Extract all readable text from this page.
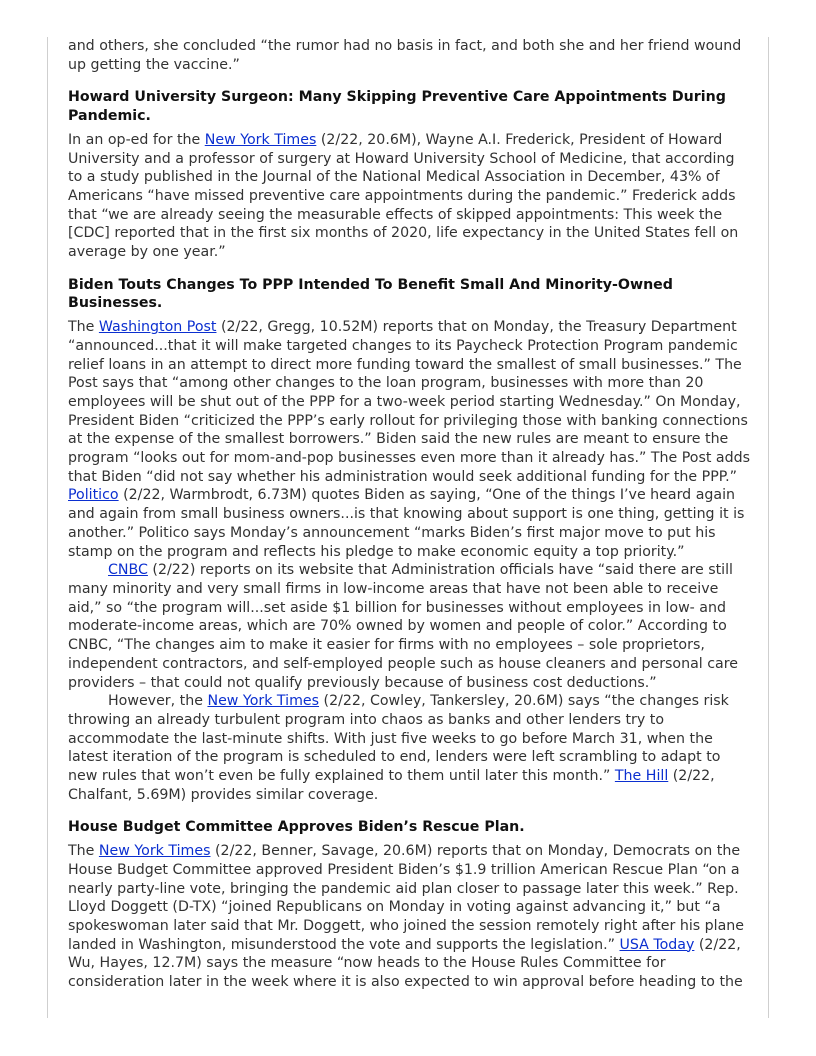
and others, she concluded “the rumor had no basis in fact, and both she and her friend wound up getting the vaccine.”

Howard University Surgeon: Many Skipping Preventive Care Appointments During Pandemic.

In an op-ed for the New York Times (2/22, 20.6M), Wayne A.I. Frederick, President of Howard University and a professor of surgery at Howard University School of Medicine, that according to a study published in the Journal of the National Medical Association in December, 43% of Americans “have missed preventive care appointments during the pandemic.” Frederick adds that “we are already seeing the measurable effects of skipped appointments: This week the [CDC] reported that in the first six months of 2020, life expectancy in the United States fell on average by one year.”

Biden Touts Changes To PPP Intended To Benefit Small And Minority-Owned Businesses.

The Washington Post (2/22, Gregg, 10.52M) reports that on Monday, the Treasury Department “announced...that it will make targeted changes to its Paycheck Protection Program pandemic relief loans in an attempt to direct more funding toward the smallest of small businesses.” The Post says that “among other changes to the loan program, businesses with more than 20 employees will be shut out of the PPP for a two-week period starting Wednesday.” On Monday, President Biden “criticized the PPP’s early rollout for privileging those with banking connections at the expense of the smallest borrowers.” Biden said the new rules are meant to ensure the program “looks out for mom-and-pop businesses even more than it already has.” The Post adds that Biden “did not say whether his administration would seek additional funding for the PPP.” Politico (2/22, Warmbrodt, 6.73M) quotes Biden as saying, “One of the things I’ve heard again and again from small business owners...is that knowing about support is one thing, getting it is another.” Politico says Monday’s announcement “marks Biden’s first major move to put his stamp on the program and reflects his pledge to make economic equity a top priority.”

CNBC (2/22) reports on its website that Administration officials have “said there are still many minority and very small firms in low-income areas that have not been able to receive aid,” so “the program will...set aside $1 billion for businesses without employees in low- and moderate-income areas, which are 70% owned by women and people of color.” According to CNBC, “The changes aim to make it easier for firms with no employees – sole proprietors, independent contractors, and self-employed people such as house cleaners and personal care providers – that could not qualify previously because of business cost deductions.”

However, the New York Times (2/22, Cowley, Tankersley, 20.6M) says “the changes risk throwing an already turbulent program into chaos as banks and other lenders try to accommodate the last-minute shifts. With just five weeks to go before March 31, when the latest iteration of the program is scheduled to end, lenders were left scrambling to adapt to new rules that won’t even be fully explained to them until later this month.” The Hill (2/22, Chalfant, 5.69M) provides similar coverage.

House Budget Committee Approves Biden’s Rescue Plan.

The New York Times (2/22, Benner, Savage, 20.6M) reports that on Monday, Democrats on the House Budget Committee approved President Biden’s $1.9 trillion American Rescue Plan “on a nearly party-line vote, bringing the pandemic aid plan closer to passage later this week.” Rep. Lloyd Doggett (D-TX) “joined Republicans on Monday in voting against advancing it,” but “a spokeswoman later said that Mr. Doggett, who joined the session remotely right after his plane landed in Washington, misunderstood the vote and supports the legislation.” USA Today (2/22, Wu, Hayes, 12.7M) says the measure “now heads to the House Rules Committee for consideration later in the week where it is also expected to win approval before heading to the
